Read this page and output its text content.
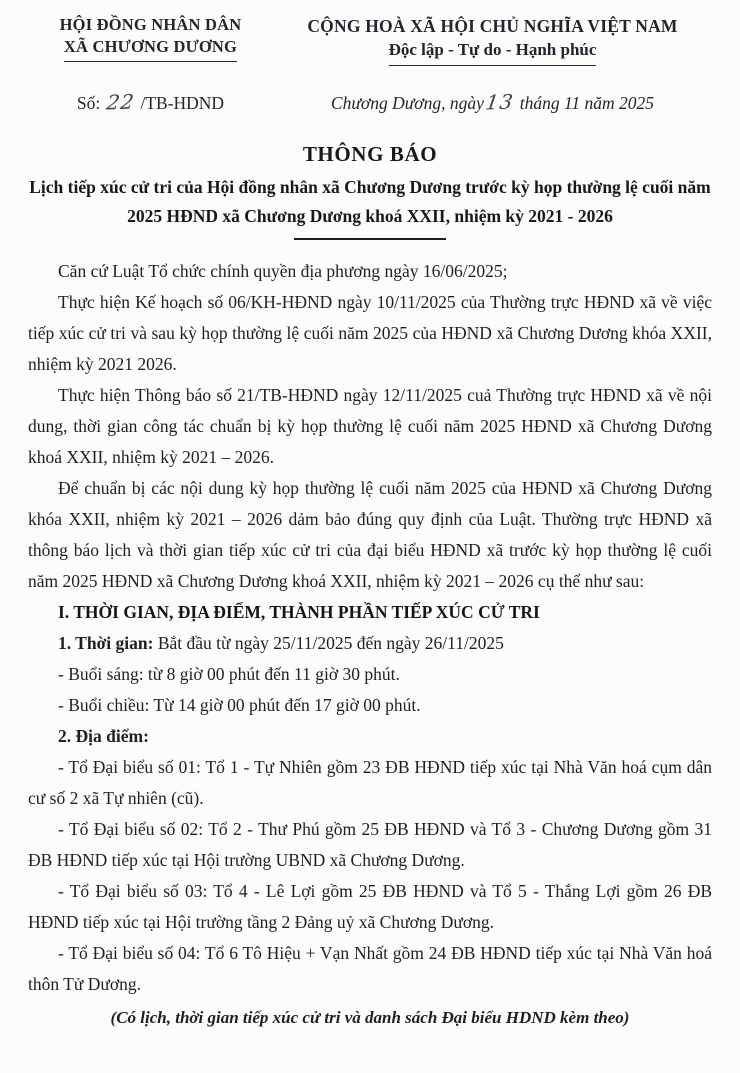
HỘI ĐỒNG NHÂN DÂN
XÃ CHƯƠNG DƯƠNG
CỘNG HOÀ XÃ HỘI CHỦ NGHĨA VIỆT NAM
Độc lập - Tự do - Hạnh phúc
Số: 22 /TB-HDND	Chương Dương, ngày13 tháng 11 năm 2025
THÔNG BÁO
Lịch tiếp xúc cử tri của Hội đồng nhân xã Chương Dương trước kỳ họp thường lệ cuối năm 2025 HĐND xã Chương Dương khoá XXII, nhiệm kỳ 2021 - 2026

Căn cứ Luật Tổ chức chính quyền địa phương ngày 16/06/2025;

Thực hiện Kế hoạch số 06/KH-HĐND ngày 10/11/2025 của Thường trực HĐND xã về việc tiếp xúc cử tri và sau kỳ họp thường lệ cuối năm 2025 của HĐND xã Chương Dương khóa XXII, nhiệm kỳ 2021 2026.

Thực hiện Thông báo số 21/TB-HĐND ngày 12/11/2025 cuả Thường trực HĐND xã về nội dung, thời gian công tác chuẩn bị kỳ họp thường lệ cuối năm 2025 HĐND xã Chương Dương khoá XXII, nhiệm kỳ 2021 – 2026.

Để chuẩn bị các nội dung kỳ họp thường lệ cuối năm 2025 của HĐND xã Chương Dương khóa XXII, nhiệm kỳ 2021 – 2026 dảm bảo đúng quy định của Luật. Thường trực HĐND xã thông báo lịch và thời gian tiếp xúc cử tri của đại biểu HĐND xã trước kỳ họp thường lệ cuối năm 2025 HĐND xã Chương Dương khoá XXII, nhiệm kỳ 2021 – 2026 cụ thể như sau:

I. THỜI GIAN, ĐỊA ĐIỂM, THÀNH PHẦN TIẾP XÚC CỬ TRI

1. Thời gian: Bắt đầu từ ngày 25/11/2025 đến ngày 26/11/2025

- Buổi sáng: từ 8 giờ 00 phút đến 11 giờ 30 phút.

- Buổi chiều: Từ 14 giờ 00 phút đến 17 giờ 00 phút.

2. Địa điểm:

- Tổ Đại biểu số 01: Tổ 1 - Tự Nhiên gồm 23 ĐB HĐND tiếp xúc tại Nhà Văn hoá cụm dân cư số 2 xã Tự nhiên (cũ).

- Tổ Đại biểu số 02: Tổ 2 - Thư Phú gồm 25 ĐB HĐND và Tổ 3 - Chương Dương gồm 31 ĐB HĐND tiếp xúc tại Hội trường UBND xã Chương Dương.

- Tổ Đại biểu số 03: Tổ 4 - Lê Lợi gồm 25 ĐB HĐND và Tổ 5 - Thắng Lợi gồm 26 ĐB HĐND tiếp xúc tại Hội trường tầng 2 Đảng uỷ xã Chương Dương.

- Tổ Đại biểu số 04: Tổ 6 Tô Hiệu + Vạn Nhất gồm 24 ĐB HĐND tiếp xúc tại Nhà Văn hoá thôn Tử Dương.

(Có lịch, thời gian tiếp xúc cử tri và danh sách Đại biểu HDND kèm theo)
